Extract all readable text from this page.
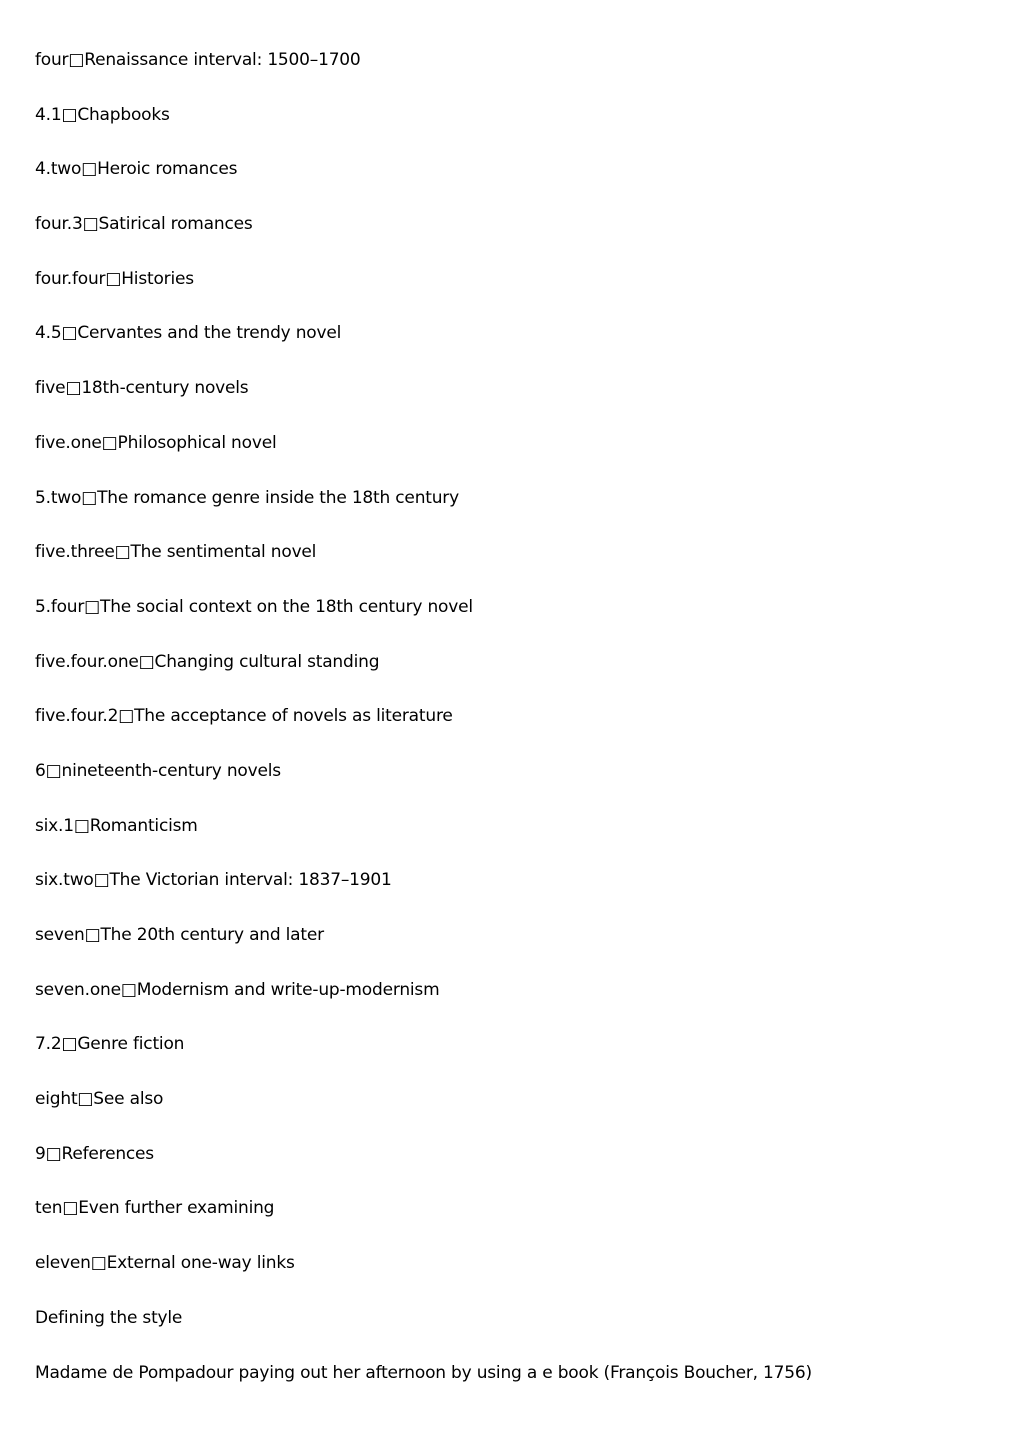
four□Renaissance interval: 1500–1700
4.1□Chapbooks
4.two□Heroic romances
four.3□Satirical romances
four.four□Histories
4.5□Cervantes and the trendy novel
five□18th-century novels
five.one□Philosophical novel
5.two□The romance genre inside the 18th century
five.three□The sentimental novel
5.four□The social context on the 18th century novel
five.four.one□Changing cultural standing
five.four.2□The acceptance of novels as literature
6□nineteenth-century novels
six.1□Romanticism
six.two□The Victorian interval: 1837–1901
seven□The 20th century and later
seven.one□Modernism and write-up-modernism
7.2□Genre fiction
eight□See also
9□References
ten□Even further examining
eleven□External one-way links
Defining the style
Madame de Pompadour paying out her afternoon by using a e book (François Boucher, 1756)
